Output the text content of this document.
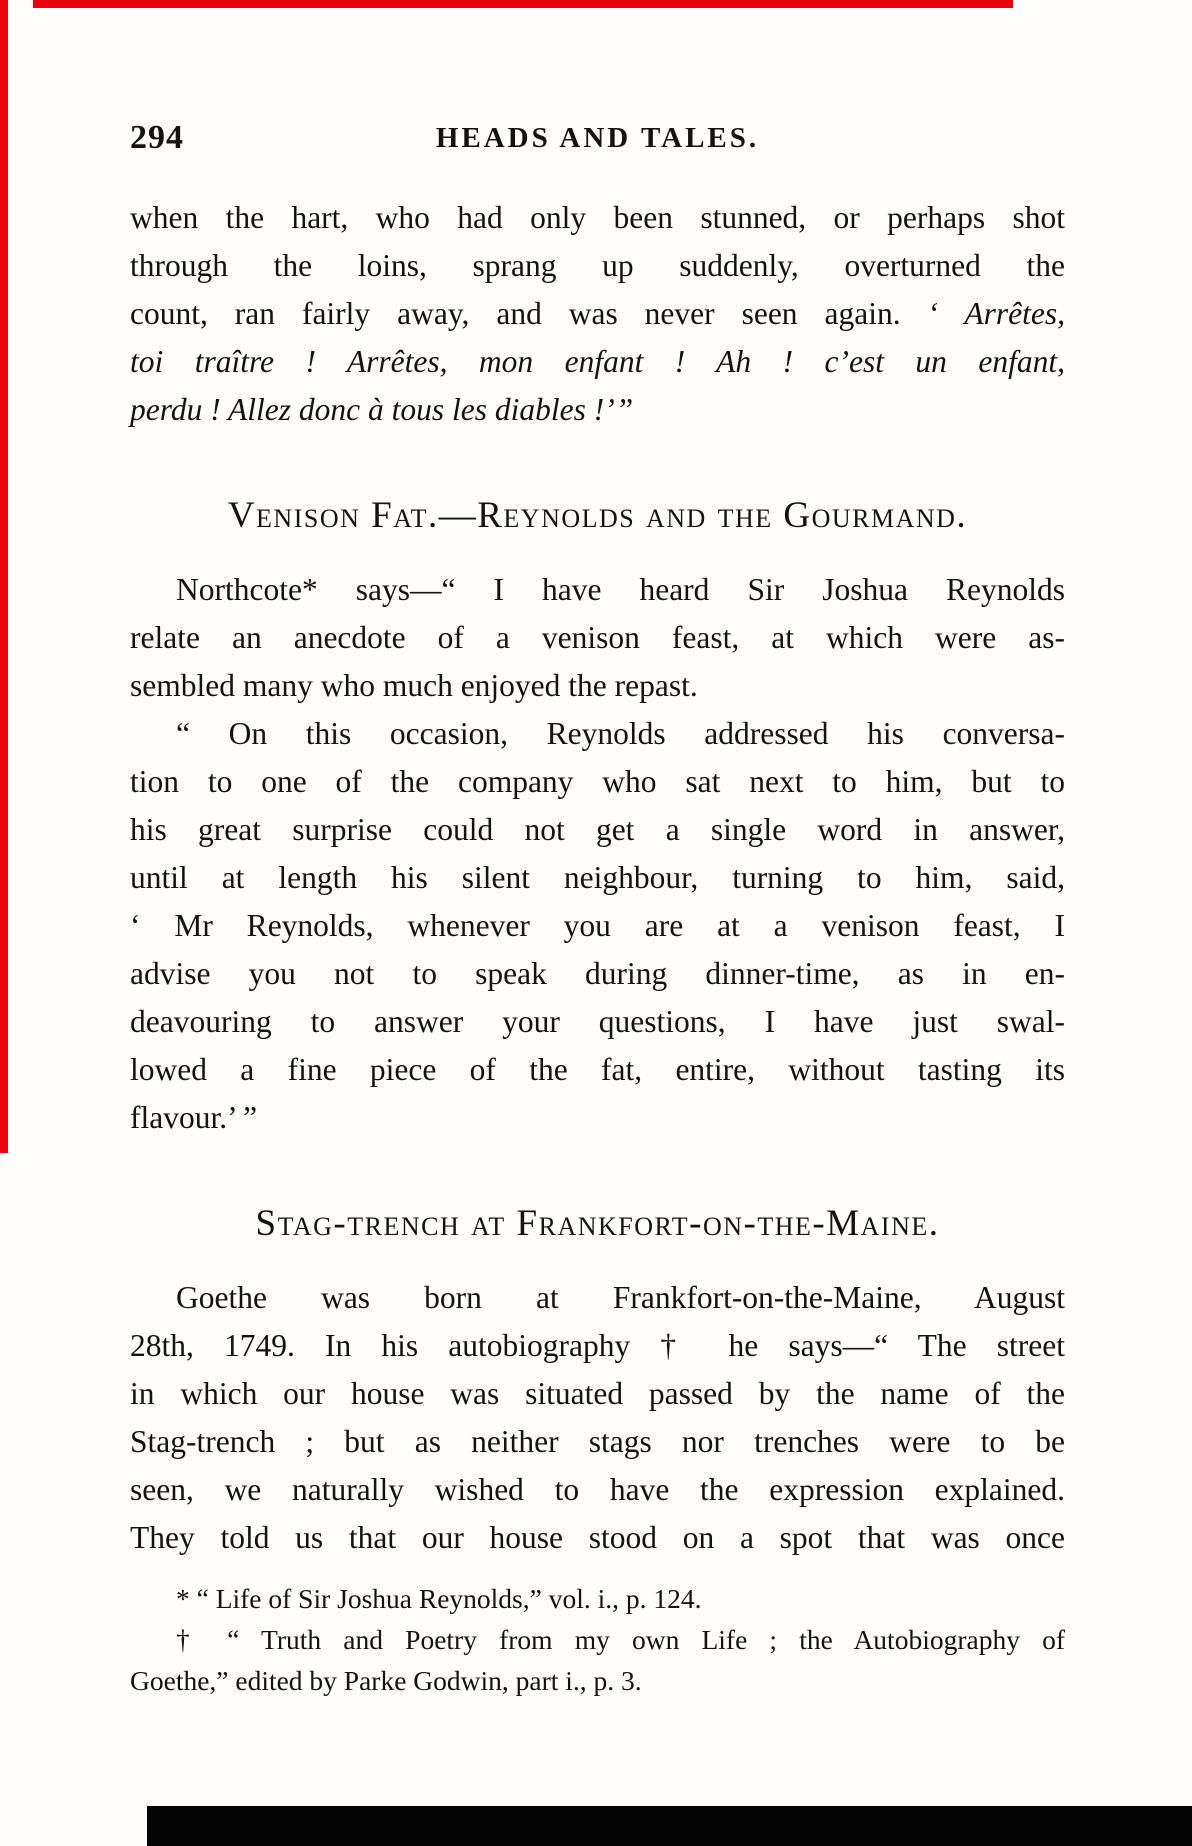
294	HEADS AND TALES.
when the hart, who had only been stunned, or perhaps shot
through the loins, sprang up suddenly, overturned the
count, ran fairly away, and was never seen again. ‘ Arrêtes,
toi traître ! Arrêtes, mon enfant ! Ah ! c’est un enfant,
perdu ! Allez donc à tous les diables !’ ”
Venison Fat.—Reynolds and the Gourmand.
Northcote* says—“ I have heard Sir Joshua Reynolds
relate an anecdote of a venison feast, at which were as-
sembled many who much enjoyed the repast.
“ On this occasion, Reynolds addressed his conversa-
tion to one of the company who sat next to him, but to
his great surprise could not get a single word in answer,
until at length his silent neighbour, turning to him, said,
‘ Mr Reynolds, whenever you are at a venison feast, I
advise you not to speak during dinner-time, as in en-
deavouring to answer your questions, I have just swal-
lowed a fine piece of the fat, entire, without tasting its
flavour.’ ”
Stag-trench at Frankfort-on-the-Maine.
Goethe was born at Frankfort-on-the-Maine, August
28th, 1749. In his autobiography † he says—“ The street
in which our house was situated passed by the name of the
Stag-trench ; but as neither stags nor trenches were to be
seen, we naturally wished to have the expression explained.
They told us that our house stood on a spot that was once
* “ Life of Sir Joshua Reynolds,” vol. i., p. 124.
† “ Truth and Poetry from my own Life ; the Autobiography of
Goethe,” edited by Parke Godwin, part i., p. 3.
